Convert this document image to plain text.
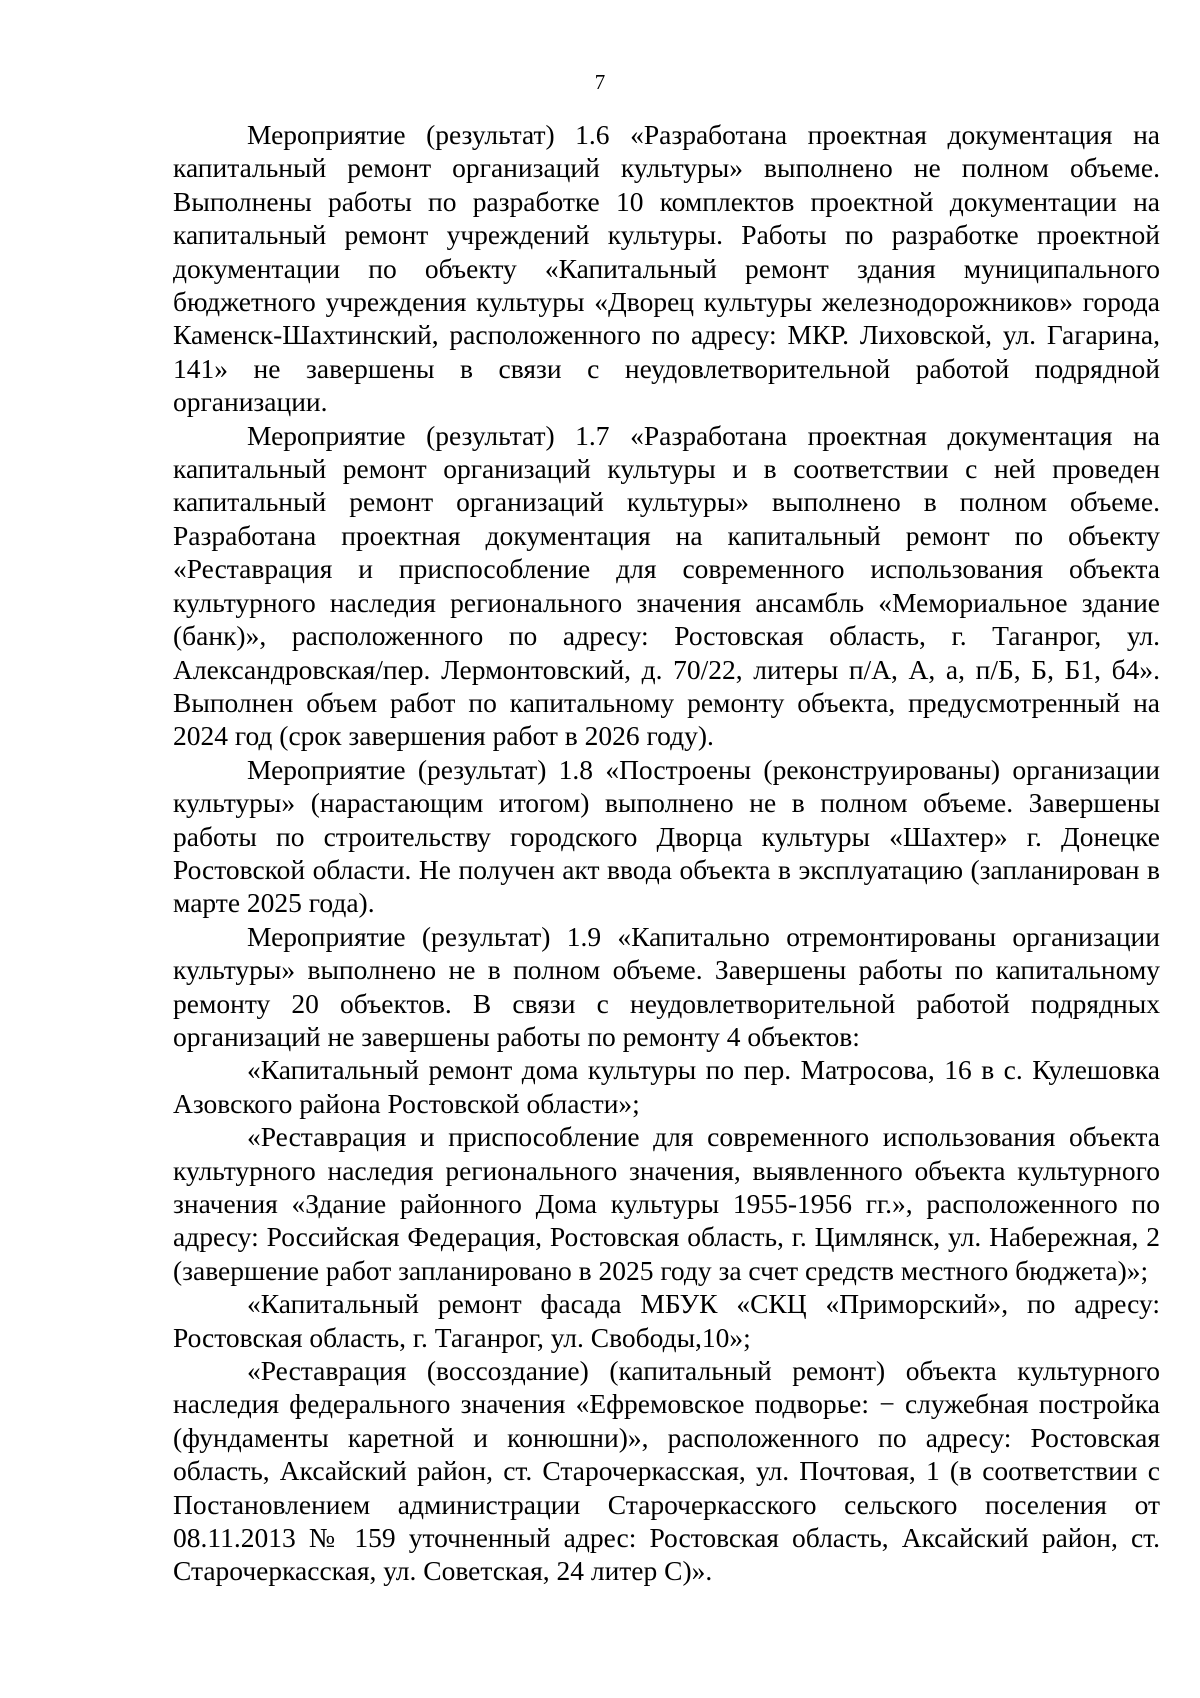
7

Мероприятие (результат) 1.6 «Разработана проектная документация на капитальный ремонт организаций культуры» выполнено не полном объеме. Выполнены работы по разработке 10 комплектов проектной документации на капитальный ремонт учреждений культуры. Работы по разработке проектной документации по объекту «Капитальный ремонт здания муниципального бюджетного учреждения культуры «Дворец культуры железнодорожников» города Каменск-Шахтинский, расположенного по адресу: МКР. Лиховской, ул. Гагарина, 141» не завершены в связи с неудовлетворительной работой подрядной организации.

Мероприятие (результат) 1.7 «Разработана проектная документация на капитальный ремонт организаций культуры и в соответствии с ней проведен капитальный ремонт организаций культуры» выполнено в полном объеме. Разработана проектная документация на капитальный ремонт по объекту «Реставрация и приспособление для современного использования объекта культурного наследия регионального значения ансамбль «Мемориальное здание (банк)», расположенного по адресу: Ростовская область, г. Таганрог, ул. Александровская/пер. Лермонтовский, д. 70/22, литеры п/А, А, а, п/Б, Б, Б1, б4». Выполнен объем работ по капитальному ремонту объекта, предусмотренный на 2024 год (срок завершения работ в 2026 году).

Мероприятие (результат) 1.8 «Построены (реконструированы) организации культуры» (нарастающим итогом) выполнено не в полном объеме. Завершены работы по строительству городского Дворца культуры «Шахтер» г. Донецке Ростовской области. Не получен акт ввода объекта в эксплуатацию (запланирован в марте 2025 года).

Мероприятие (результат) 1.9 «Капитально отремонтированы организации культуры» выполнено не в полном объеме. Завершены работы по капитальному ремонту 20 объектов. В связи с неудовлетворительной работой подрядных организаций не завершены работы по ремонту 4 объектов:

«Капитальный ремонт дома культуры по пер. Матросова, 16 в с. Кулешовка Азовского района Ростовской области»;

«Реставрация и приспособление для современного использования объекта культурного наследия регионального значения, выявленного объекта культурного значения «Здание районного Дома культуры 1955-1956 гг.», расположенного по адресу: Российская Федерация, Ростовская область, г. Цимлянск, ул. Набережная, 2 (завершение работ запланировано в 2025 году за счет средств местного бюджета)»;

«Капитальный ремонт фасада МБУК «СКЦ «Приморский», по адресу: Ростовская область, г. Таганрог, ул. Свободы,10»;

«Реставрация (воссоздание) (капитальный ремонт) объекта культурного наследия федерального значения «Ефремовское подворье: − служебная постройка (фундаменты каретной и конюшни)», расположенного по адресу: Ростовская область, Аксайский район, ст. Старочеркасская, ул. Почтовая, 1 (в соответствии с Постановлением администрации Старочеркасского сельского поселения от 08.11.2013 № 159 уточненный адрес: Ростовская область, Аксайский район, ст. Старочеркасская, ул. Советская, 24 литер С)».
